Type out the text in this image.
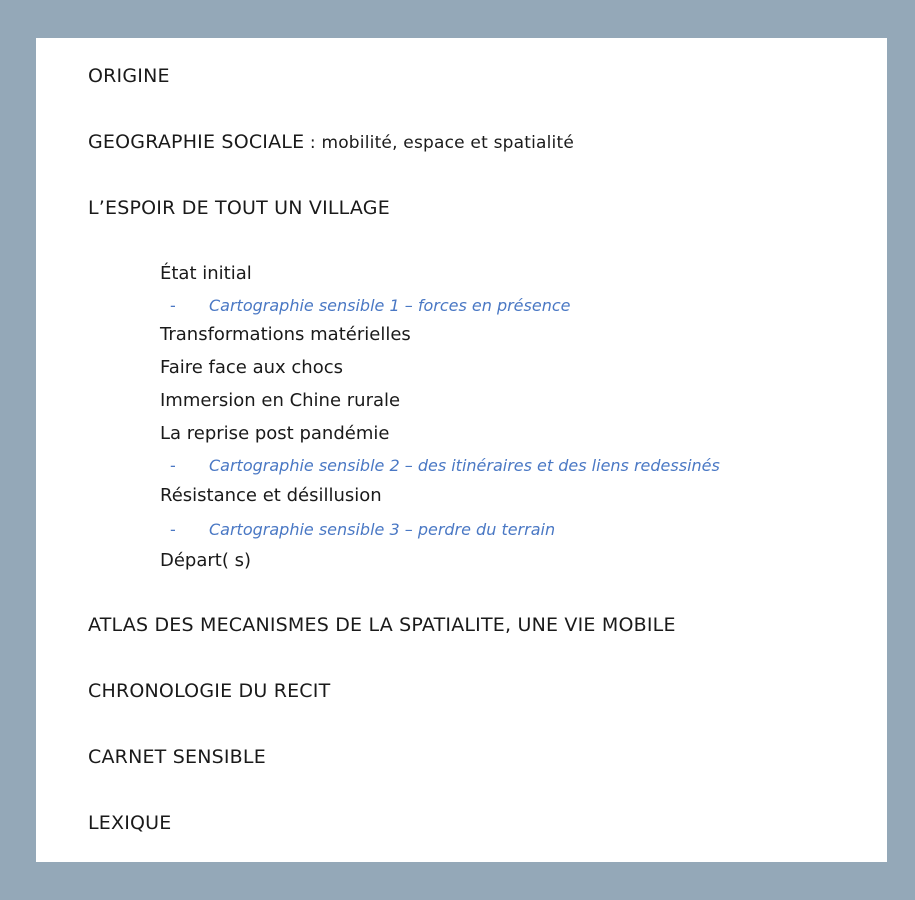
ORIGINE
GEOGRAPHIE SOCIALE : mobilité, espace et spatialité
L’ESPOIR DE TOUT UN VILLAGE
État initial
- Cartographie sensible 1 – forces en présence
Transformations matérielles
Faire face aux chocs
Immersion en Chine rurale
La reprise post pandémie
- Cartographie sensible 2 – des itinéraires et des liens redessinés
Résistance et désillusion
- Cartographie sensible 3 – perdre du terrain
Départ( s)
ATLAS DES MECANISMES DE LA SPATIALITE, UNE VIE MOBILE
CHRONOLOGIE DU RECIT
CARNET SENSIBLE
LEXIQUE
